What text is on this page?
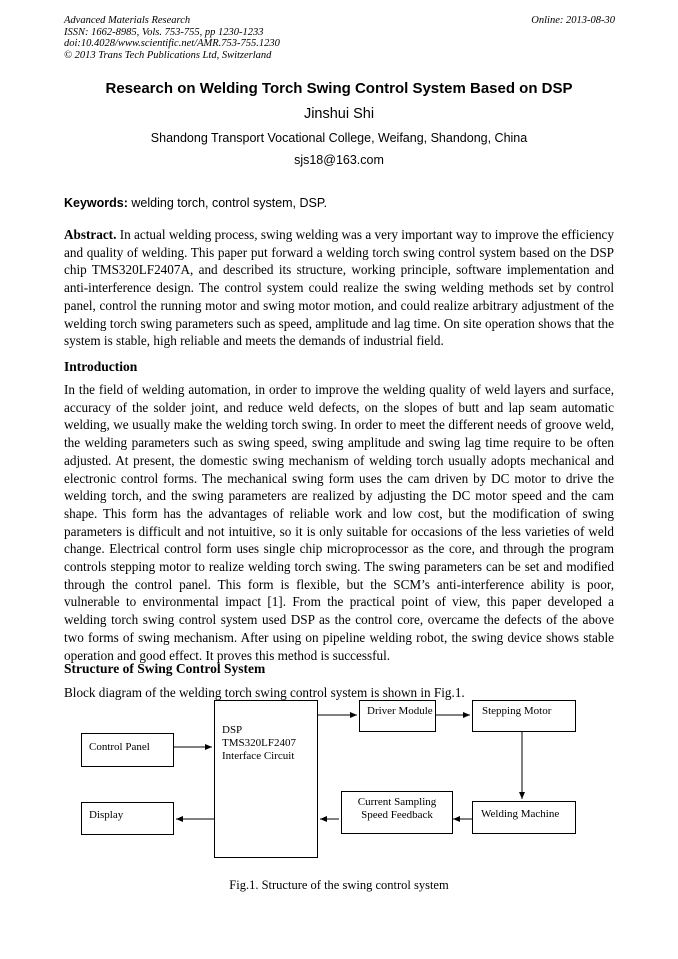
Advanced Materials Research
ISSN: 1662-8985, Vols. 753-755, pp 1230-1233
doi:10.4028/www.scientific.net/AMR.753-755.1230
© 2013 Trans Tech Publications Ltd, Switzerland
Online: 2013-08-30
Research on Welding Torch Swing Control System Based on DSP
Jinshui Shi
Shandong Transport Vocational College, Weifang, Shandong, China
sjs18@163.com
Keywords: welding torch, control system, DSP.
Abstract. In actual welding process, swing welding was a very important way to improve the efficiency and quality of welding. This paper put forward a welding torch swing control system based on the DSP chip TMS320LF2407A, and described its structure, working principle, software implementation and anti-interference design. The control system could realize the swing welding methods set by control panel, control the running motor and swing motor motion, and could realize arbitrary adjustment of the welding torch swing parameters such as speed, amplitude and lag time. On site operation shows that the system is stable, high reliable and meets the demands of industrial field.
Introduction
In the field of welding automation, in order to improve the welding quality of weld layers and surface, accuracy of the solder joint, and reduce weld defects, on the slopes of butt and lap seam automatic welding, we usually make the welding torch swing. In order to meet the different needs of groove weld, the welding parameters such as swing speed, swing amplitude and swing lag time require to be often adjusted. At present, the domestic swing mechanism of welding torch usually adopts mechanical and electronic control forms. The mechanical swing form uses the cam driven by DC motor to drive the welding torch, and the swing parameters are realized by adjusting the DC motor speed and the cam shape. This form has the advantages of reliable work and low cost, but the modification of swing parameters is difficult and not intuitive, so it is only suitable for occasions of the less varieties of weld change. Electrical control form uses single chip microprocessor as the core, and through the program controls stepping motor to realize welding torch swing. The swing parameters can be set and modified through the control panel. This form is flexible, but the SCM’s anti-interference ability is poor, vulnerable to environmental impact [1]. From the practical point of view, this paper developed a welding torch swing control system used DSP as the control core, overcame the defects of the above two forms of swing mechanism. After using on pipeline welding robot, the swing device shows stable operation and good effect. It proves this method is successful.
Structure of Swing Control System
Block diagram of the welding torch swing control system is shown in Fig.1.
Control Panel
Display
DSP
TMS320LF2407
Interface Circuit
Driver Module	Stepping Motor
Current Sampling
Speed Feedback	Welding Machine
Fig.1. Structure of the swing control system
